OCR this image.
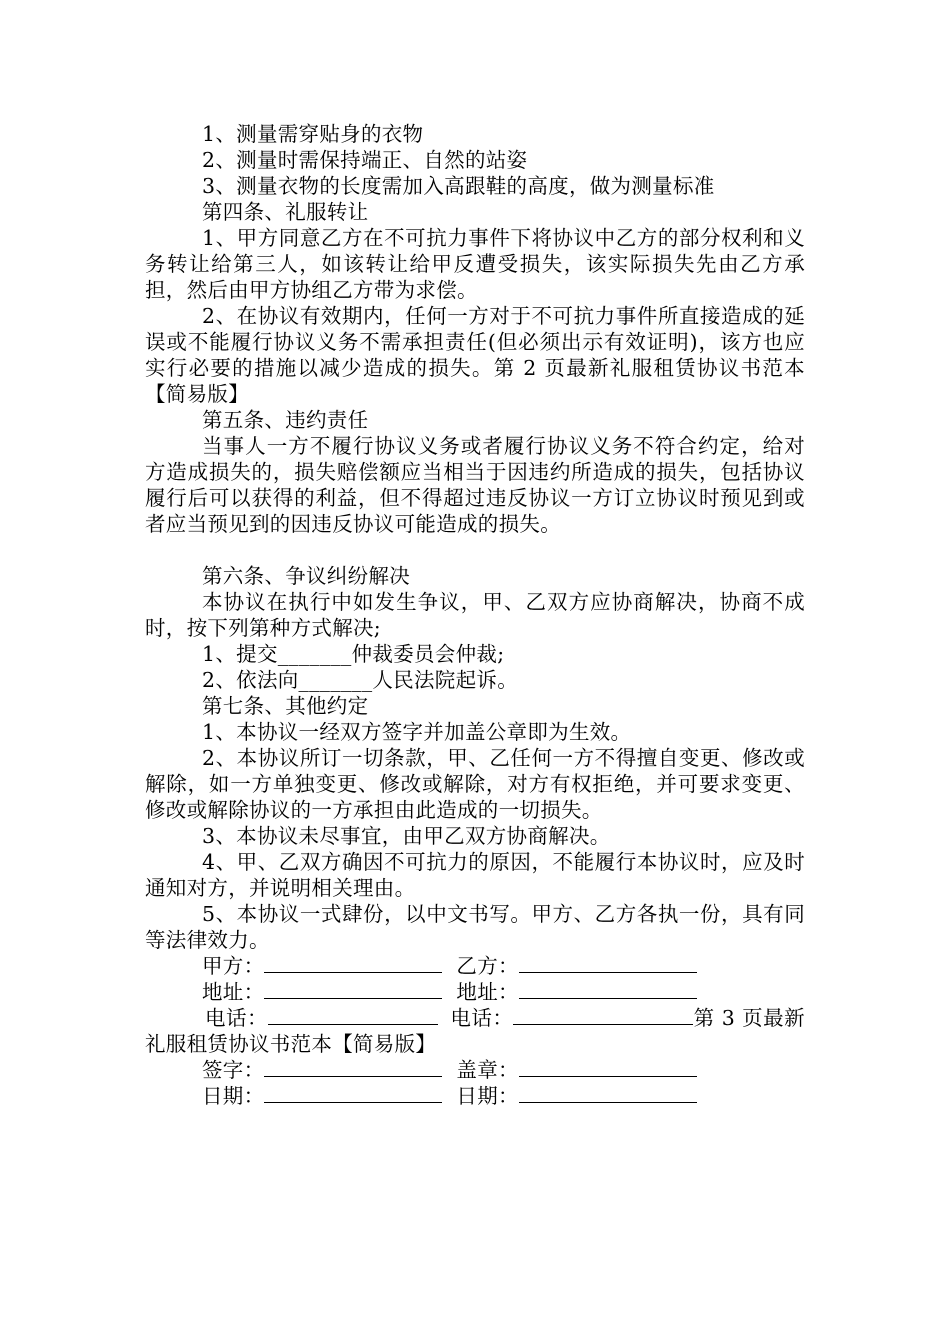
1、测量需穿贴身的衣物

2、测量时需保持端正、自然的站姿

3、测量衣物的长度需加入高跟鞋的高度，做为测量标准

第四条、礼服转让

1、甲方同意乙方在不可抗力事件下将协议中乙方的部分权利和义务转让给第三人，如该转让给甲反遭受损失，该实际损失先由乙方承担，然后由甲方协组乙方带为求偿。

2、在协议有效期内，任何一方对于不可抗力事件所直接造成的延误或不能履行协议义务不需承担责任(但必须出示有效证明)，该方也应实行必要的措施以减少造成的损失。第 2 页最新礼服租赁协议书范本【简易版】

第五条、违约责任

当事人一方不履行协议义务或者履行协议义务不符合约定，给对方造成损失的，损失赔偿额应当相当于因违约所造成的损失，包括协议履行后可以获得的利益，但不得超过违反协议一方订立协议时预见到或者应当预见到的因违反协议可能造成的损失。

第六条、争议纠纷解决

本协议在执行中如发生争议，甲、乙双方应协商解决，协商不成时，按下列第种方式解决;

1、提交_______仲裁委员会仲裁;

2、依法向_______人民法院起诉。

第七条、其他约定

1、本协议一经双方签字并加盖公章即为生效。

2、本协议所订一切条款，甲、乙任何一方不得擅自变更、修改或解除，如一方单独变更、修改或解除，对方有权拒绝，并可要求变更、修改或解除协议的一方承担由此造成的一切损失。

3、本协议未尽事宜，由甲乙双方协商解决。

4、甲、乙双方确因不可抗力的原因，不能履行本协议时，应及时通知对方，并说明相关理由。

5、本协议一式肆份，以中文书写。甲方、乙方各执一份，具有同等法律效力。

甲方：	乙方：

地址：	地址：

电话：	电话：	第 3 页最新礼服租赁协议书范本【简易版】

签字：	盖章：

日期：	日期：
